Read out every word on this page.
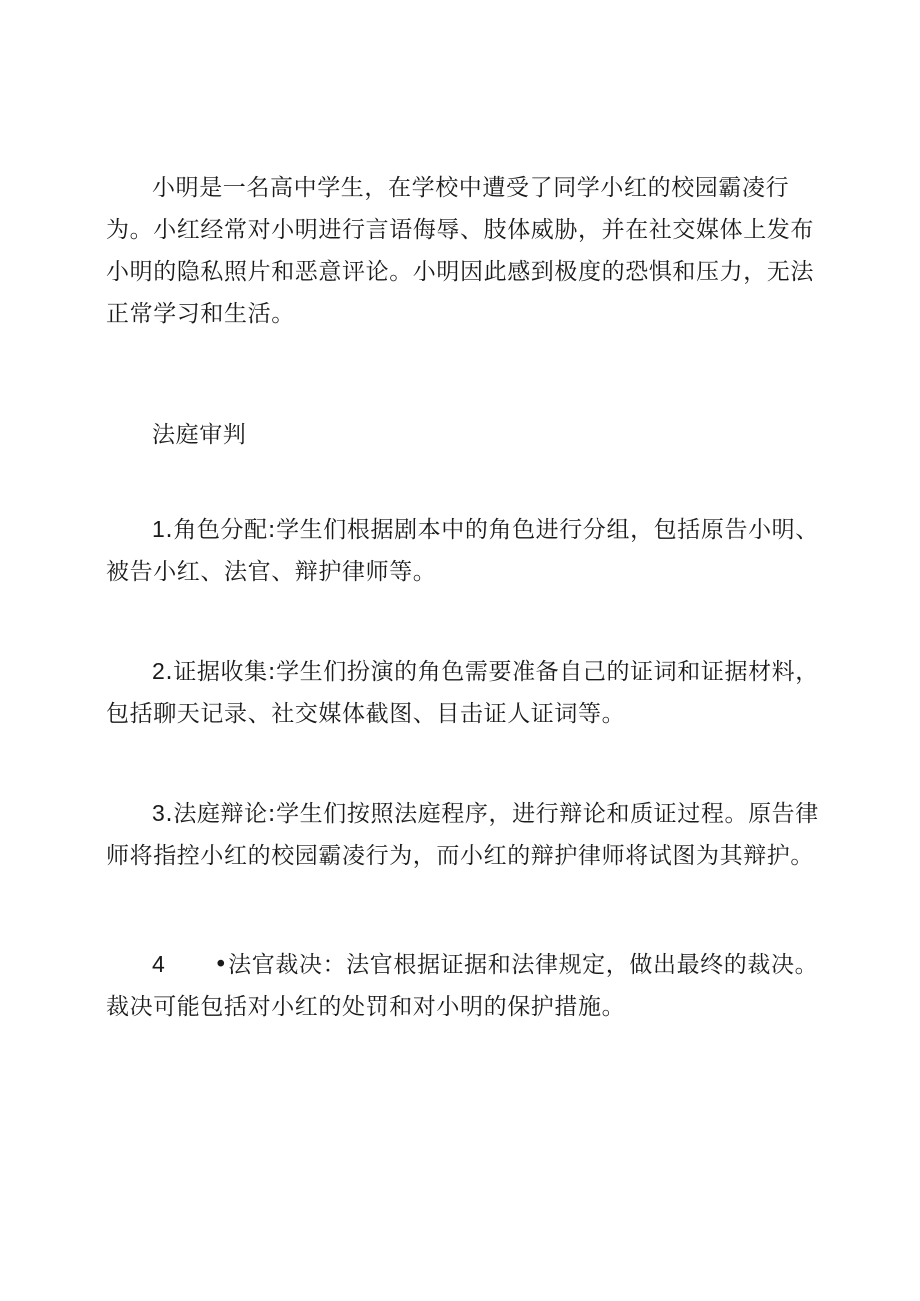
小明是一名高中学生，在学校中遭受了同学小红的校园霸凌行为。小红经常对小明进行言语侮辱、肢体威胁，并在社交媒体上发布小明的隐私照片和恶意评论。小明因此感到极度的恐惧和压力，无法正常学习和生活。

法庭审判

1.角色分配:学生们根据剧本中的角色进行分组，包括原告小明、被告小红、法官、辩护律师等。

2.证据收集:学生们扮演的角色需要准备自己的证词和证据材料，包括聊天记录、社交媒体截图、目击证人证词等。

3.法庭辩论:学生们按照法庭程序，进行辩论和质证过程。原告律师将指控小红的校园霸凌行为，而小红的辩护律师将试图为其辩护。

4 •法官裁决：法官根据证据和法律规定，做出最终的裁决。裁决可能包括对小红的处罚和对小明的保护措施。
